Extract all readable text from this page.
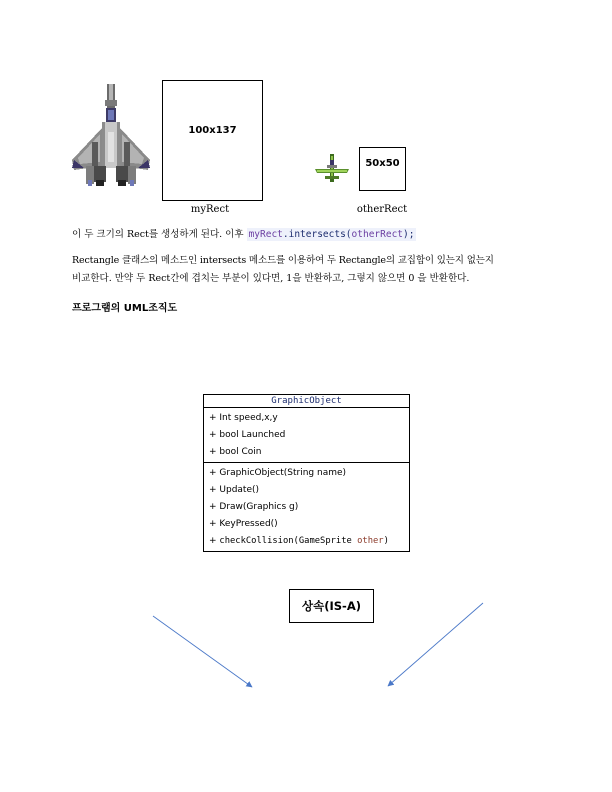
100x137
myRect
50x50
otherRect
이 두 크기의 Rect를 생성하게 된다. 이후 myRect.intersects(otherRect);
Rectangle 클래스의 메소드인 intersects 메소드를 이용하여 두 Rectangle의 교집합이 있는지 없는지
비교한다. 만약 두 Rect간에 겹치는 부분이 있다면, 1을 반환하고, 그렇지 않으면 0 을 반환한다.
프로그램의 UML조직도
GraphicObject
+ Int speed,x,y
+ bool Launched
+ bool Coin
+ GraphicObject(String name)
+ Update()
+ Draw(Graphics g)
+ KeyPressed()
+ checkCollision(GameSprite other)
상속(IS-A)
